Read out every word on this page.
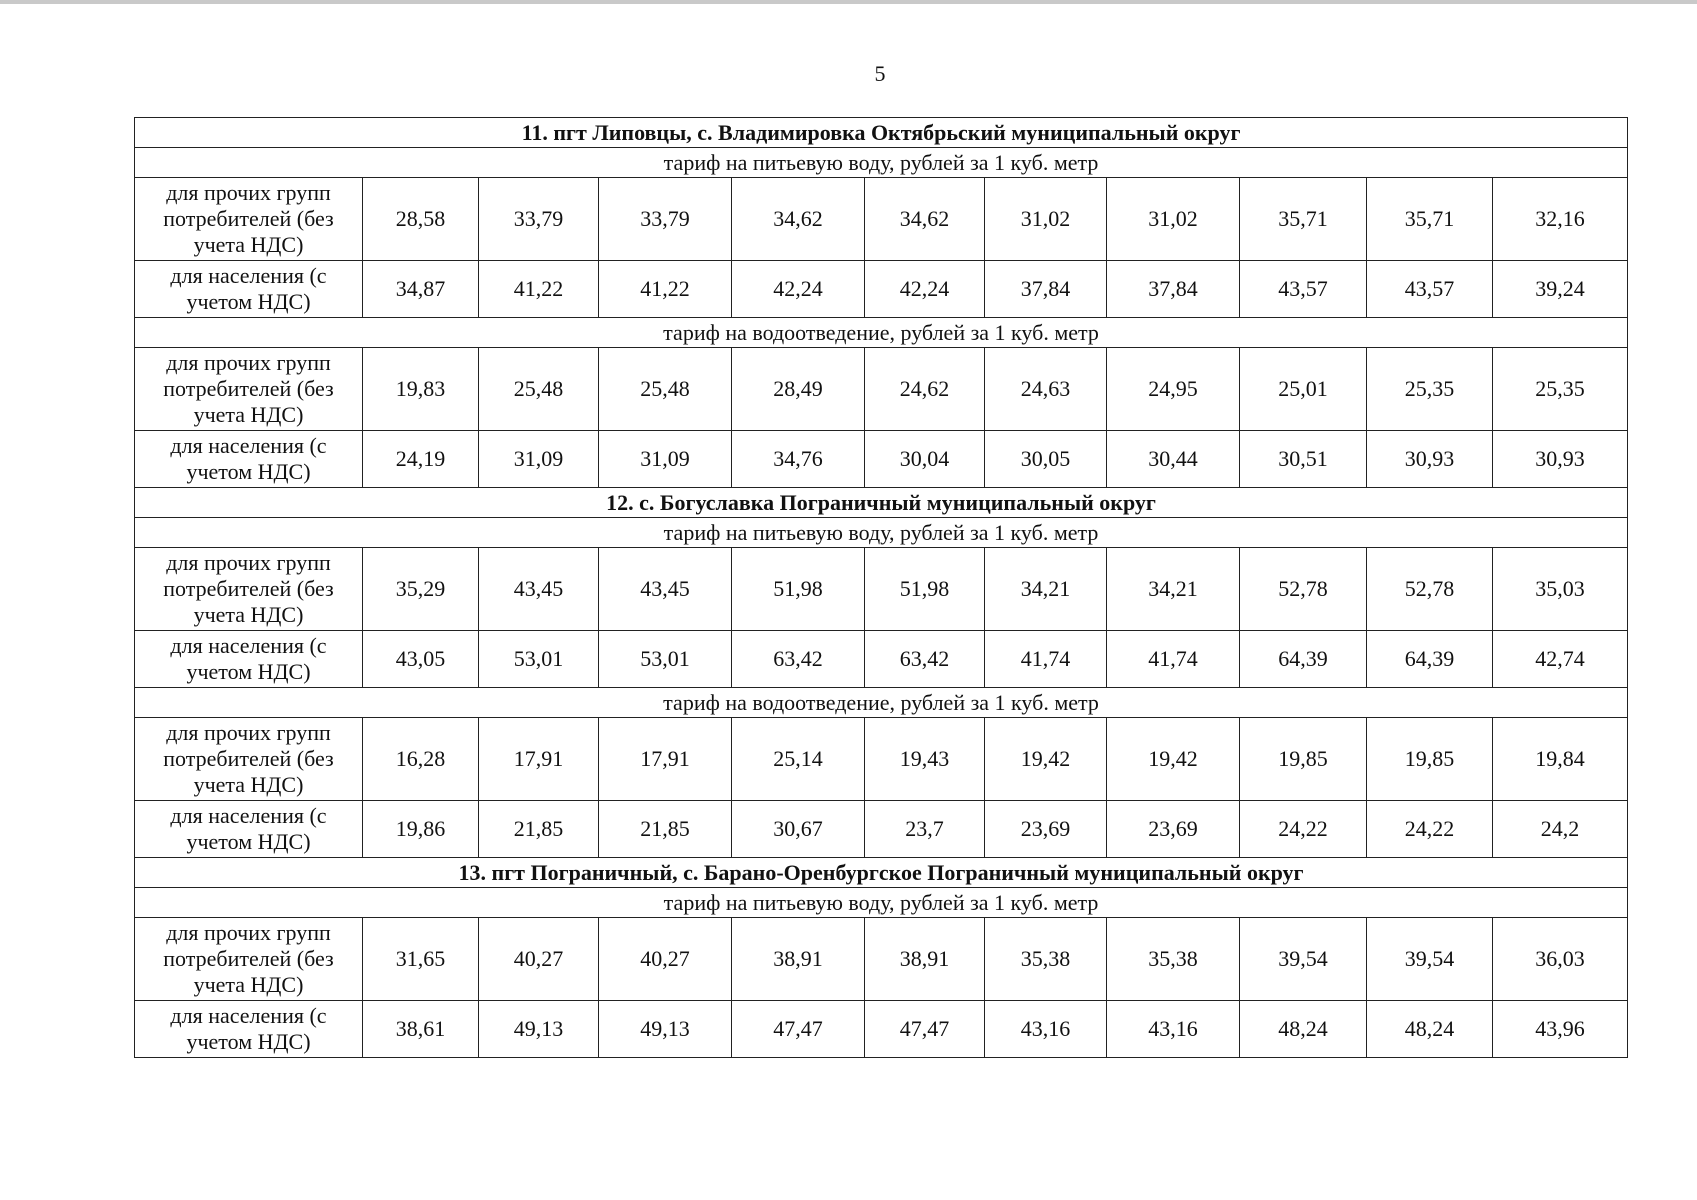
5
11. пгт Липовцы, с. Владимировка Октябрьский муниципальный округ										
тариф на питьевую воду, рублей за 1 куб. метр										
для прочих групп потребителей (без учета НДС)	28,58	33,79	33,79	34,62	34,62	31,02	31,02	35,71	35,71	32,16
для населения (с учетом НДС)	34,87	41,22	41,22	42,24	42,24	37,84	37,84	43,57	43,57	39,24
тариф на водоотведение, рублей за 1 куб. метр										
для прочих групп потребителей (без учета НДС)	19,83	25,48	25,48	28,49	24,62	24,63	24,95	25,01	25,35	25,35
для населения (с учетом НДС)	24,19	31,09	31,09	34,76	30,04	30,05	30,44	30,51	30,93	30,93
12. с. Богуславка Пограничный муниципальный округ										
тариф на питьевую воду, рублей за 1 куб. метр										
для прочих групп потребителей (без учета НДС)	35,29	43,45	43,45	51,98	51,98	34,21	34,21	52,78	52,78	35,03
для населения (с учетом НДС)	43,05	53,01	53,01	63,42	63,42	41,74	41,74	64,39	64,39	42,74
тариф на водоотведение, рублей за 1 куб. метр										
для прочих групп потребителей (без учета НДС)	16,28	17,91	17,91	25,14	19,43	19,42	19,42	19,85	19,85	19,84
для населения (с учетом НДС)	19,86	21,85	21,85	30,67	23,7	23,69	23,69	24,22	24,22	24,2
13. пгт Пограничный, с. Барано-Оренбургское Пограничный муниципальный округ										
тариф на питьевую воду, рублей за 1 куб. метр										
для прочих групп потребителей (без учета НДС)	31,65	40,27	40,27	38,91	38,91	35,38	35,38	39,54	39,54	36,03
для населения (с учетом НДС)	38,61	49,13	49,13	47,47	47,47	43,16	43,16	48,24	48,24	43,96
